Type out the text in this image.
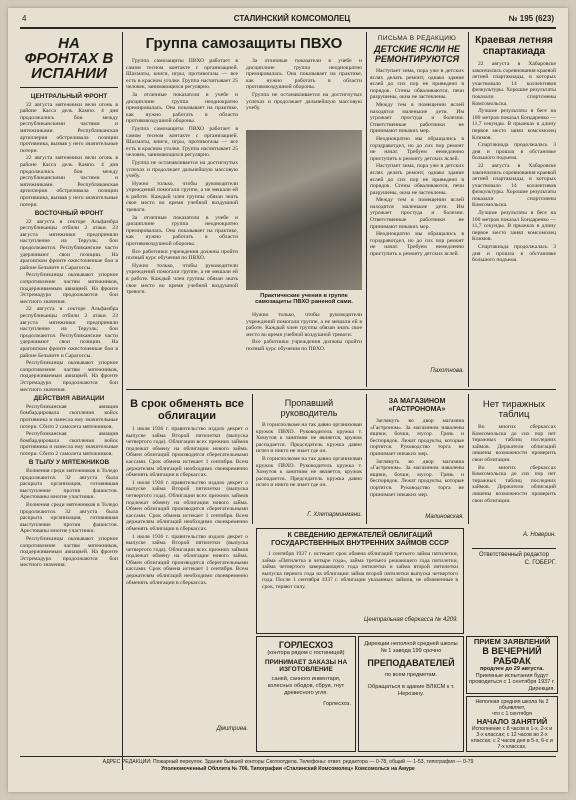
4	СТАЛИНСКИЙ КОМСОМОЛЕЦ	№ 195 (623)
НА ФРОНТАХ В ИСПАНИИ
ЦЕНТРАЛЬНЫЙ ФРОНТ

22 августа мятежники вели огонь в районе Касса дель Кампо. 4 дня продолжались бои между республиканскими частями и мятежниками. Республиканская артиллерия обстреливала позиции противника, вызвав у него значительные потери.

22 августа мятежники вели огонь в районе Касса дель Кампо. 4 дня продолжались бои между республиканскими частями и мятежниками. Республиканская артиллерия обстреливала позиции противника, вызвав у него значительные потери.

ВОСТОЧНЫЙ ФРОНТ

22 августа в секторе Альфамбра республиканцы отбили 2 атаки. 23 августа мятежники предприняли наступление на Теруэль; бои продолжаются. Республиканские части удерживают свои позиции. На арагонском фронте ожесточенные бои в районе Бельчите и Сарагоссы.

Республиканцы оказывают упорное сопротивление частям мятежников, поддерживаемым авиацией. На фронте Эстремадура продолжаются бои местного значения.

22 августа в секторе Альфамбра республиканцы отбили 2 атаки. 23 августа мятежники предприняли наступление на Теруэль; бои продолжаются. Республиканские части удерживают свои позиции. На арагонском фронте ожесточенные бои в районе Бельчите и Сарагоссы.

Республиканцы оказывают упорное сопротивление частям мятежников, поддерживаемым авиацией. На фронте Эстремадура продолжаются бои местного значения.

ДЕЙСТВИЯ АВИАЦИИ

Республиканская авиация бомбардировала скопления войск противника и нанесла ему значительные потери. Сбито 2 самолета мятежников.

Республиканская авиация бомбардировала скопления войск противника и нанесла ему значительные потери. Сбито 2 самолета мятежников.

В ТЫЛУ У МЯТЕЖНИКОВ

Волнения среди мятежников в Толедо продолжаются. 32 августа была раскрыта организация, готовившая выступление против фашистов. Арестованы многие участники.

Волнения среди мятежников в Толедо продолжаются. 32 августа была раскрыта организация, готовившая выступление против фашистов. Арестованы многие участники.

Республиканцы оказывают упорное сопротивление частям мятежников, поддерживаемым авиацией. На фронте Эстремадура продолжаются бои местного значения.

Группа самозащиты ПВХО

Группа самозащиты ПВХО работает в самом тесном контакте с организацией. Шахматы, книги, игры, противогазы — все есть в красном уголке. Группа насчитывает 25 человек, занимающихся регулярно.

За отличные показатели в учебе и дисциплине группа неоднократно премировалась. Она показывает на практике, как нужно работать в области противовоздушной обороны.

Группа самозащиты ПВХО работает в самом тесном контакте с организацией. Шахматы, книги, игры, противогазы — все есть в красном уголке. Группа насчитывает 25 человек, занимающихся регулярно.

Группа не останавливается на достигнутых успехах и продолжает дальнейшую массовую учебу.

Нужно только, чтобы руководители учреждений помогали группе, а не мешали ей в работе. Каждый член группы обязан знать свое место во время учебной воздушной тревоги.

За отличные показатели в учебе и дисциплине группа неоднократно премировалась. Она показывает на практике, как нужно работать в области противовоздушной обороны.

Все работники учреждения должны пройти полный курс обучения по ПВХО.

Нужно только, чтобы руководители учреждений помогали группе, а не мешали ей в работе. Каждый член группы обязан знать свое место во время учебной воздушной тревоги.

За отличные показатели в учебе и дисциплине группа неоднократно премировалась. Она показывает на практике, как нужно работать в области противовоздушной обороны.

Группа не останавливается на достигнутых успехах и продолжает дальнейшую массовую учебу.

Практические учения в группе самозащиты ПВХО раненой сами.

Нужно только, чтобы руководители учреждений помогали группе, а не мешали ей в работе. Каждый член группы обязан знать свое место во время учебной воздушной тревоги.

Все работники учреждения должны пройти полный курс обучения по ПВХО.

ПИСЬМА В РЕДАКЦИЮ
ДЕТСКИЕ ЯСЛИ НЕ РЕМОНТИРУЮТСЯ

Наступает зима, пора уже в детских яслях делать ремонт, однако здание яслей до сих пор не приведено в порядок. Стены обваливаются, печи разрушены, окна не застеклены.

Между тем в помещении яслей находятся маленькие дети. Им угрожает простуда и болезни. Ответственные работники не принимают никаких мер.

Неоднократно мы обращались в горздравотдел, но до сих пор ремонт не начат. Требуем немедленно приступить к ремонту детских яслей.

Наступает зима, пора уже в детских яслях делать ремонт, однако здание яслей до сих пор не приведено в порядок. Стены обваливаются, печи разрушены, окна не застеклены.

Между тем в помещении яслей находятся маленькие дети. Им угрожает простуда и болезни. Ответственные работники не принимают никаких мер.

Неоднократно мы обращались в горздравотдел, но до сих пор ремонт не начат. Требуем немедленно приступить к ремонту детских яслей.

Пахотнова.
Краевая летняя спартакиада

22 августа в Хабаровске закончились соревнования краевой летней спартакиады, в которых участвовало 14 коллективов физкультуры. Хорошие результаты показали спортсмены Комсомольска.

Лучшие результаты в беге на 100 метров показал Бондаренко — 11,7 секунды. В прыжках в длину первое место занял комсомолец Климов.

Спартакиада продолжалась 3 дня и прошла в обстановке большого подъема.

22 августа в Хабаровске закончились соревнования краевой летней спартакиады, в которых участвовало 14 коллективов физкультуры. Хорошие результаты показали спортсмены Комсомольска.

Лучшие результаты в беге на 100 метров показал Бондаренко — 11,7 секунды. В прыжках в длину первое место занял комсомолец Климов.

Спартакиада продолжалась 3 дня и прошла в обстановке большого подъема.

В срок обменять все облигации

1 июля 1936 г. правительство издало декрет о выпуске займа Второй пятилетки (выпуска четвертого года). Облигации всех прежних займов подлежат обмену на облигации нового займа. Обмен облигаций производится сберегательными кассами. Срок обмена истекает 1 сентября. Всем держателям облигаций необходимо своевременно обменять облигации в сберкассах.

1 июля 1936 г. правительство издало декрет о выпуске займа Второй пятилетки (выпуска четвертого года). Облигации всех прежних займов подлежат обмену на облигации нового займа. Обмен облигаций производится сберегательными кассами. Срок обмена истекает 1 сентября. Всем держателям облигаций необходимо своевременно обменять облигации в сберкассах.

1 июля 1936 г. правительство издало декрет о выпуске займа Второй пятилетки (выпуска четвертого года). Облигации всех прежних займов подлежат обмену на облигации нового займа. Обмен облигаций производится сберегательными кассами. Срок обмена истекает 1 сентября. Всем держателям облигаций необходимо своевременно обменять облигации в сберкассах.

Дмитриев.
Пропавший руководитель

В горисполкоме на так давно организован кружок ПВХО. Руководитель кружка т. Хомутов к занятиям не является, кружок распадается. Председатель кружка давно исчез и никто не знает где он.

В горисполкоме на так давно организован кружок ПВХО. Руководитель кружка т. Хомутов к занятиям не является, кружок распадается. Председатель кружка давно исчез и никто не знает где он.

Г. Хлетарминмани.
ЗА МАГАЗИНОМ «ГАСТРОНОМА»

Заглянуть во двор магазина «Гастроном». За магазином навалены ящики, бочки, мусор. Грязь и беспорядок. Лежат продукты, которые портятся. Руководство торга не принимает никаких мер.

Заглянуть во двор магазина «Гастроном». За магазином навалены ящики, бочки, мусор. Грязь и беспорядок. Лежат продукты, которые портятся. Руководство торга не принимает никаких мер.

Малиновская.
Нет тиражных таблиц

Во многих сберкассах Комсомольска до сих пор нет тиражных таблиц последних займов. Держатели облигаций лишены возможности проверить свои облигации.

Во многих сберкассах Комсомольска до сих пор нет тиражных таблиц последних займов. Держатели облигаций лишены возможности проверить свои облигации.

А. Новерин.
Ответственный редактор
С. ГОБЕРГ.
К СВЕДЕНИЮ ДЕРЖАТЕЛЕЙ ОБЛИГАЦИЙ ГОСУДАРСТВЕННЫХ ВНУТРЕННИХ ЗАЙМОВ СССР

1 сентября 1937 г. истекает срок обмена облигаций третьего займа пятилетки, займа «Пятилетка в четыре года», займа третьего решающего года пятилетки, займа четвертого завершающего года пятилетки и займа второй пятилетки выпуска первого года на облигации займа второй пятилетки выпуска четвертого года. После 1 сентября 1937 г. облигации указанных займов, не обмененные в срок, теряют силу.

Центральная сберкасса № 4209.
ГОРЛЕСХОЗ
(контора рядом с гостиницей)
ПРИНИМАЕТ ЗАКАЗЫ НА ИЗГОТОВЛЕНИЕ
саней, санного инвентаря, колесных ободов, сбруи, гнут древесного угля.
Горлесхоз.
Дирекции неполной средней школы № 1 завода 199 срочно
ПРЕПОДАВАТЕЛЕЙ
по всем предметам.
Обращаться в здание ВЛКСМ к т. Нерозину.
ПРИЕМ ЗАЯВЛЕНИЙ
В ВЕЧЕРНИЙ РАБФАК
продлен до 29 августа.
Приемные испытания будут проводиться с 1 сентября 1937 г.
Дирекция.
Неполная средняя школа № 2 объявляет,
что с 1 сентября
НАЧАЛО ЗАНЯТИЙ
Исполнение с 8 часов в 1-х, 2-х и 3-х классах; с 12 часов во 2-х классах; с 2 часов дня в 5-х, 6-х и 7-х классах.
АДРЕС РЕДАКЦИИ: Пожарный переулок. Здание бывшей конторы Скотоотдела. Телефоны: ответ. редактора — 0-78, общий — 1-53, типография — 0-79
Уполномоченный Обллита № 706. Типография «Сталинский Комсомолец» Комсомольск на Амуре
